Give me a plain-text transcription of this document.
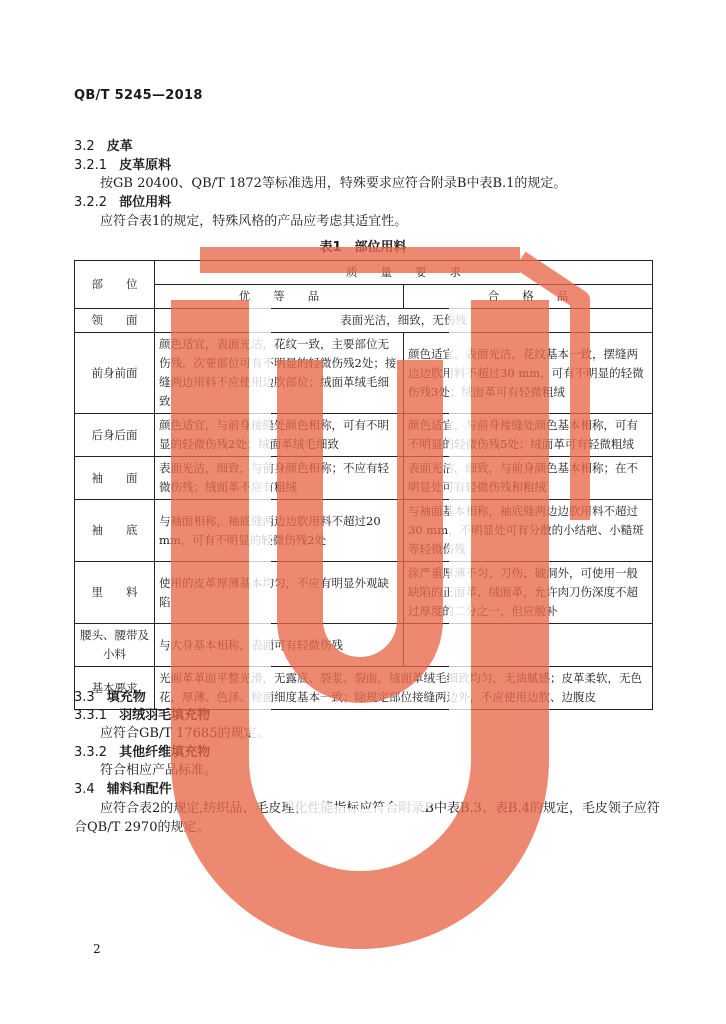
QB/T 5245—2018
3.2 皮革
3.2.1 皮革原料
按GB 20400、QB/T 1872等标准选用，特殊要求应符合附录B中表B.1的规定。
3.2.2 部位用料
应符合表1的规定，特殊风格的产品应考虑其适宜性。
表1　部位用料
部　　位	质　　量　　要　　求	
	优　　等　　品	合　　格　　品
领　　面	表面光洁，细致，无伤残	
前身前面	颜色适宜，表面光洁，花纹一致，主要部位无伤残，次要部位可有不明显的轻微伤残2处；接缝两边用料不应使用边肷部位；绒面革绒毛细致	颜色适宜，表面光洁，花纹基本一致，摆缝两边边肷用料不超过30 mm，可有不明显的轻微伤残3处；绒面革可有轻微粗绒
后身后面	颜色适宜，与前身接缝处颜色相称，可有不明显的轻微伤残2处；绒面革绒毛细致	颜色适宜，与前身接缝处颜色基本相称，可有不明显的轻微伤残5处；绒面革可有轻微粗绒
袖　　面	表面光洁，细致，与前身颜色相称；不应有轻微伤残；绒面革不应有粗绒	表面光洁，细致，与前身颜色基本相称；在不明显处可有轻微伤残和粗绒
袖　　底	与袖面相称，袖底缝两边边肷用料不超过20 mm，可有不明显的轻微伤残2处	与袖面基本相称，袖底缝两边边肷用料不超过30 mm，不明显处可有分散的小结疤、小糙斑等轻微伤残
里　　料	使用的皮革厚薄基本均匀，不应有明显外观缺陷	涂严重厚薄不匀、刀伤、破洞外，可使用一般缺陷的正面革、绒面革，允许肉刀伤深度不超过厚度的二分之一，但应脱补
腰头、腰带及小料	与大身基本相称，表面可有轻微伤残	
基本要求	光面革革面平整光滑，无露底、裂浆、裂面，绒面革绒毛细致均匀，无油腻感；皮革柔软，无色花，厚薄、色泽、粒面细度基本一致；除规定部位接缝两边外，不应使用边肷、边腹皮	
3.3 填充物
3.3.1 羽绒羽毛填充物
应符合GB/T 17685的规定。
3.3.2 其他纤维填充物
符合相应产品标准。
3.4 辅料和配件
应符合表2的规定,纺织品、毛皮理化性能指标应符合附录B中表B.3、表B.4的规定，毛皮领子应符
合QB/T 2970的规定。
2
